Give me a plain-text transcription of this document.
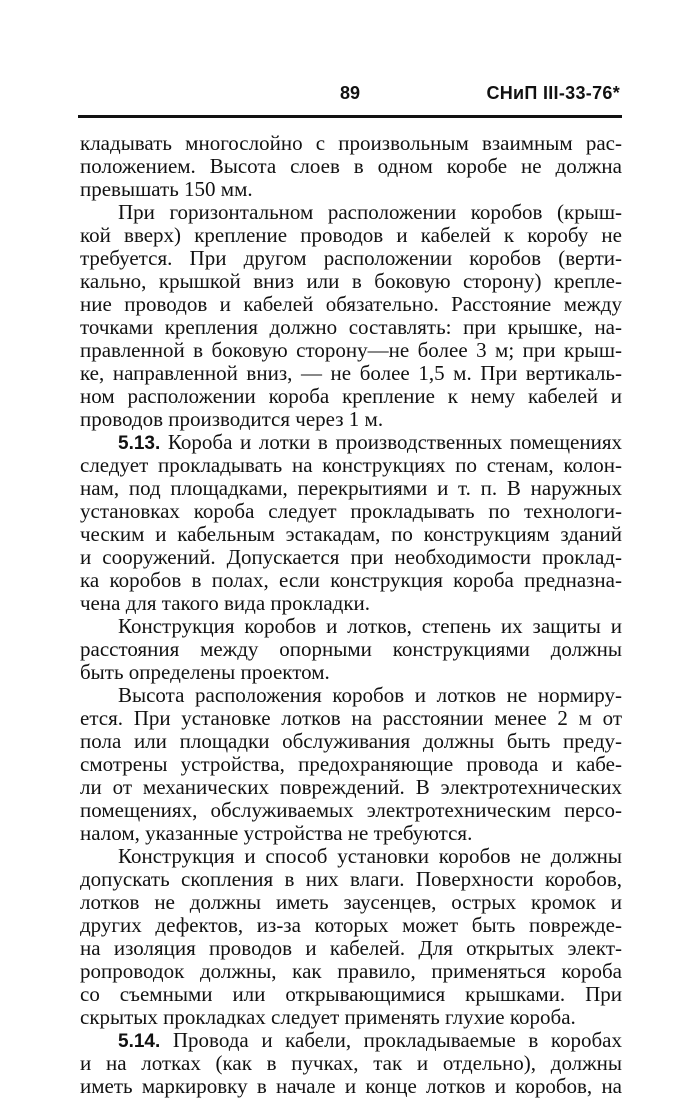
89	СНиП III-33-76*
кладывать многослойно с произвольным взаимным рас-
положением. Высота слоев в одном коробе не должна
превышать 150 мм.
При горизонтальном расположении коробов (крыш-
кой вверх) крепление проводов и кабелей к коробу не
требуется. При другом расположении коробов (верти-
кально, крышкой вниз или в боковую сторону) крепле-
ние проводов и кабелей обязательно. Расстояние между
точками крепления должно составлять: при крышке, на-
правленной в боковую сторону—не более 3 м; при крыш-
ке, направленной вниз, — не более 1,5 м. При вертикаль-
ном расположении короба крепление к нему кабелей и
проводов производится через 1 м.
5.13. Короба и лотки в производственных помещениях
следует прокладывать на конструкциях по стенам, колон-
нам, под площадками, перекрытиями и т. п. В наружных
установках короба следует прокладывать по технологи-
ческим и кабельным эстакадам, по конструкциям зданий
и сооружений. Допускается при необходимости проклад-
ка коробов в полах, если конструкция короба предназна-
чена для такого вида прокладки.
Конструкция коробов и лотков, степень их защиты и
расстояния между опорными конструкциями должны
быть определены проектом.
Высота расположения коробов и лотков не нормиру-
ется. При установке лотков на расстоянии менее 2 м от
пола или площадки обслуживания должны быть преду-
смотрены устройства, предохраняющие провода и кабе-
ли от механических повреждений. В электротехнических
помещениях, обслуживаемых электротехническим персо-
налом, указанные устройства не требуются.
Конструкция и способ установки коробов не должны
допускать скопления в них влаги. Поверхности коробов,
лотков не должны иметь заусенцев, острых кромок и
других дефектов, из-за которых может быть поврежде-
на изоляция проводов и кабелей. Для открытых элект-
ропроводок должны, как правило, применяться короба
со съемными или открывающимися крышками. При
скрытых прокладках следует применять глухие короба.
5.14. Провода и кабели, прокладываемые в коробах
и на лотках (как в пучках, так и отдельно), должны
иметь маркировку в начале и конце лотков и коробов, на
